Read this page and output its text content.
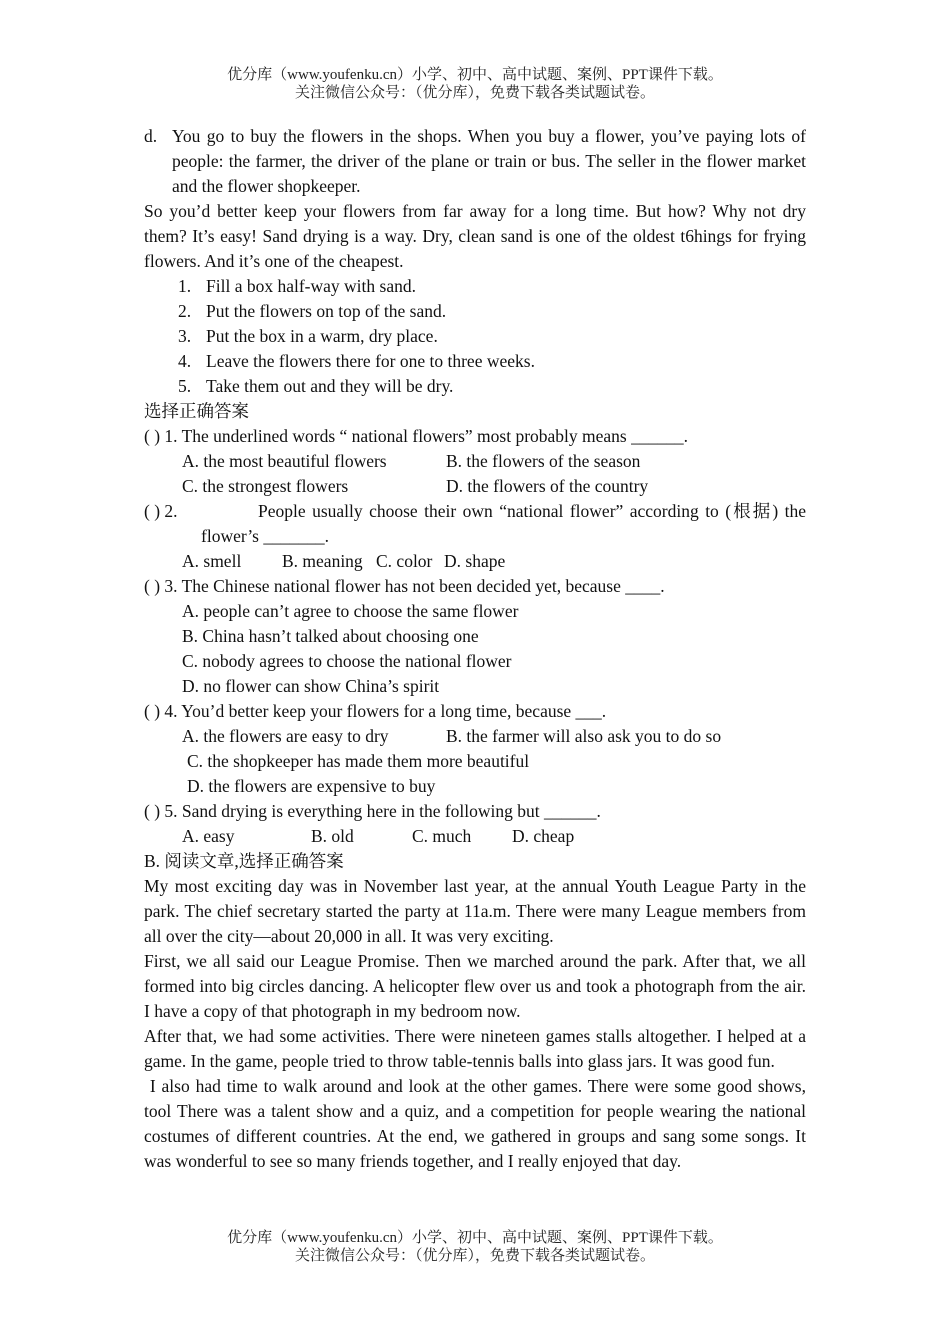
优分库（www.youfenku.cn）小学、初中、高中试题、案例、PPT课件下载。
关注微信公众号：（优分库），免费下载各类试题试卷。
d. You go to buy the flowers in the shops. When you buy a flower, you’ve paying lots of people: the farmer, the driver of the plane or train or bus. The seller in the flower market and the flower shopkeeper.

So you’d better keep your flowers from far away for a long time. But how? Why not dry them? It’s easy! Sand drying is a way. Dry, clean sand is one of the oldest t6hings for frying flowers. And it’s one of the cheapest.

1. Fill a box half-way with sand.
2. Put the flowers on top of the sand.
3. Put the box in a warm, dry place.
4. Leave the flowers there for one to three weeks.
5. Take them out and they will be dry.
选择正确答案
( ) 1. The underlined words “ national flowers” most probably means ______.
A. the most beautiful flowers	B. the flowers of the season
C. the strongest flowers	D. the flowers of the country
( ) 2.	People usually choose their own “national flower” according to (根据) the flower’s _______.
A. smell	B. meaning C. color D. shape
( ) 3. The Chinese national flower has not been decided yet, because ____.
A. people can’t agree to choose the same flower
B. China hasn’t talked about choosing one
C. nobody agrees to choose the national flower
D. no flower can show China’s spirit
( ) 4. You’d better keep your flowers for a long time, because ___.
A. the flowers are easy to dry	B. the farmer will also ask you to do so
C. the shopkeeper has made them more beautiful
D. the flowers are expensive to buy
( ) 5. Sand drying is everything here in the following but ______.
A. easy	B. old	C. much	D. cheap
B. 阅读文章,选择正确答案

My most exciting day was in November last year, at the annual Youth League Party in the park. The chief secretary started the party at 11a.m. There were many League members from all over the city—about 20,000 in all. It was very exciting.

First, we all said our League Promise. Then we marched around the park. After that, we all formed into big circles dancing. A helicopter flew over us and took a photograph from the air. I have a copy of that photograph in my bedroom now.

After that, we had some activities. There were nineteen games stalls altogether. I helped at a game. In the game, people tried to throw table-tennis balls into glass jars. It was good fun.

I also had time to walk around and look at the other games. There were some good shows, tool There was a talent show and a quiz, and a competition for people wearing the national costumes of different countries. At the end, we gathered in groups and sang some songs. It was wonderful to see so many friends together, and I really enjoyed that day.

优分库（www.youfenku.cn）小学、初中、高中试题、案例、PPT课件下载。
关注微信公众号：（优分库），免费下载各类试题试卷。
